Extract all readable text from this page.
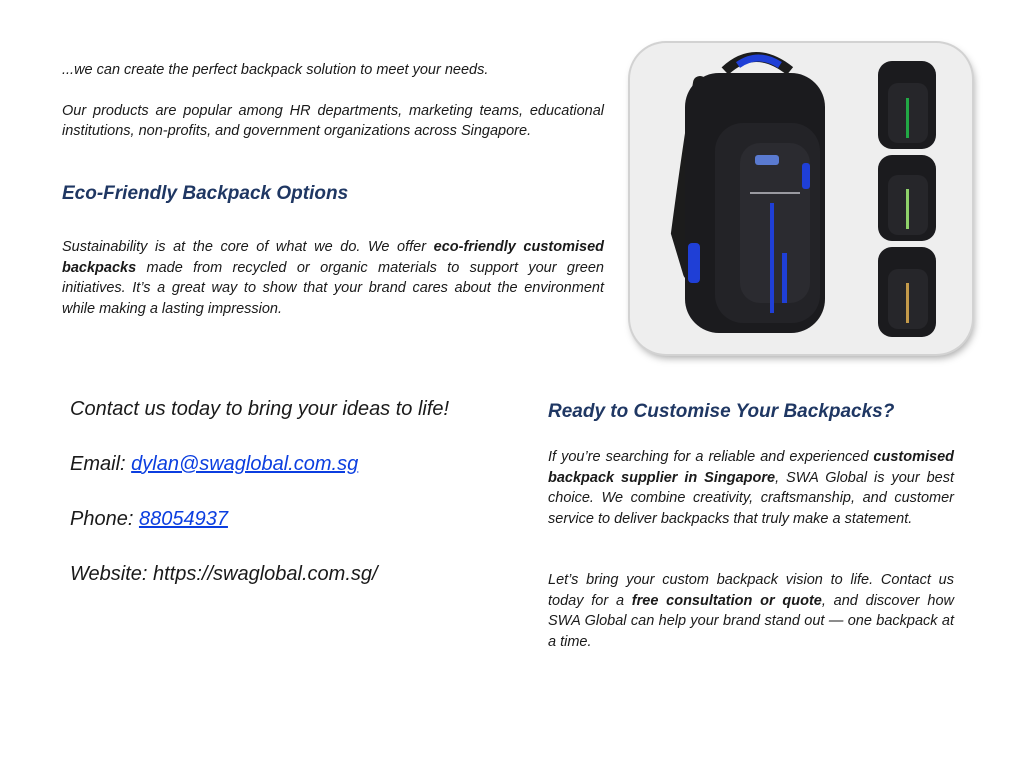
...we can create the perfect backpack solution to meet your needs.

Our products are popular among HR departments, marketing teams, educational institutions, non-profits, and government organizations across Singapore.

Eco-Friendly Backpack Options

Sustainability is at the core of what we do. We offer eco-friendly customised backpacks made from recycled or organic materials to support your green initiatives. It’s a great way to show that your brand cares about the environment while making a lasting impression.

Contact us today to bring your ideas to life!

Email: dylan@swaglobal.com.sg

Phone: 88054937

Website: https://swaglobal.com.sg/

Ready to Customise Your Backpacks?

If you’re searching for a reliable and experienced customised backpack supplier in Singapore, SWA Global is your best choice. We combine creativity, craftsmanship, and customer service to deliver backpacks that truly make a statement.

Let’s bring your custom backpack vision to life. Contact us today for a free consultation or quote, and discover how SWA Global can help your brand stand out — one backpack at a time.
